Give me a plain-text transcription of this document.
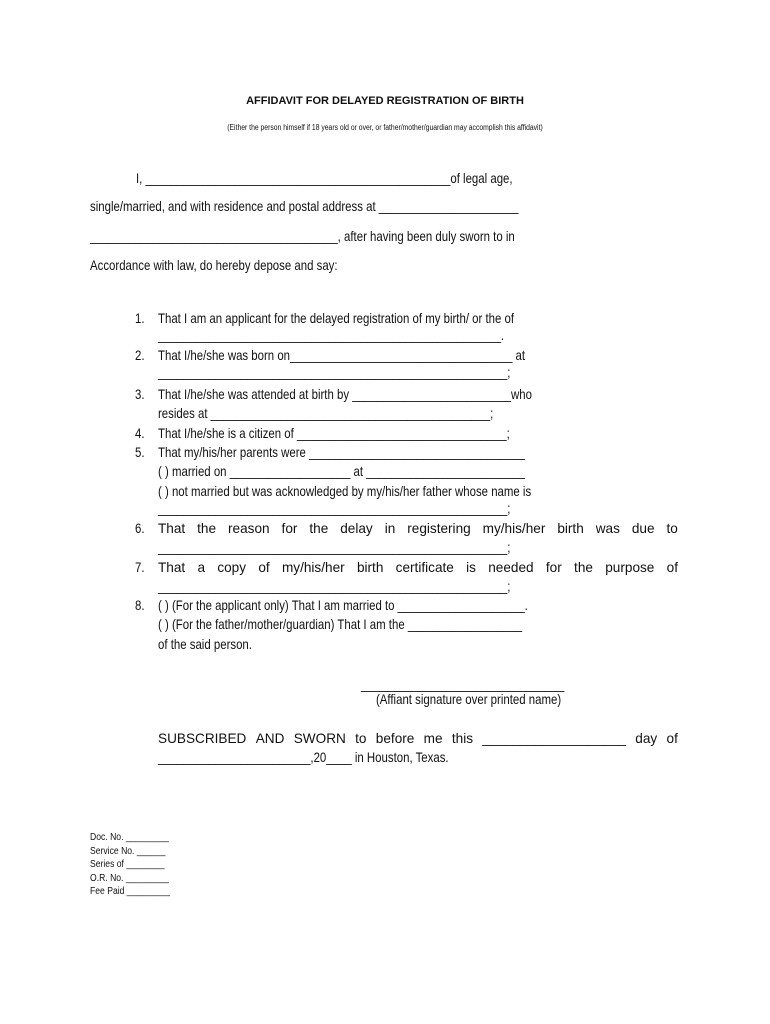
AFFIDAVIT FOR DELAYED REGISTRATION OF BIRTH
(Either the person himself if 18 years old or over, or father/mother/guardian may accomplish this affidavit)
I, ________________________________________________of legal age,
single/married, and with residence and postal address at ______________________
_______________________________________, after having been duly sworn to in
Accordance with law, do hereby depose and say:
1. That I am an applicant for the delayed registration of my birth/ or the of
______________________________________________________.
2. That I/he/she was born on___________________________________ at
_______________________________________________________;
3. That I/he/she was attended at birth by _________________________who
resides at ____________________________________________;
4. That I/he/she is a citizen of _________________________________;
5. That my/his/her parents were __________________________________
( ) married on ___________________ at _________________________
( ) not married but was acknowledged by my/his/her father whose name is
_______________________________________________________;
6. That the reason for the delay in registering my/his/her birth was due to
_______________________________________________________;
7. That a copy of my/his/her birth certificate is needed for the purpose of
_______________________________________________________;
8. ( ) (For the applicant only) That I am married to ____________________.
( ) (For the father/mother/guardian) That I am the __________________
of the said person.
________________________________
(Affiant signature over printed name)
SUBSCRIBED AND SWORN to before me this ___________________ day of
________________________,20____ in Houston, Texas.
Doc. No. _________
Service No. ______
Series of ________
O.R. No. _________
Fee Paid _________
